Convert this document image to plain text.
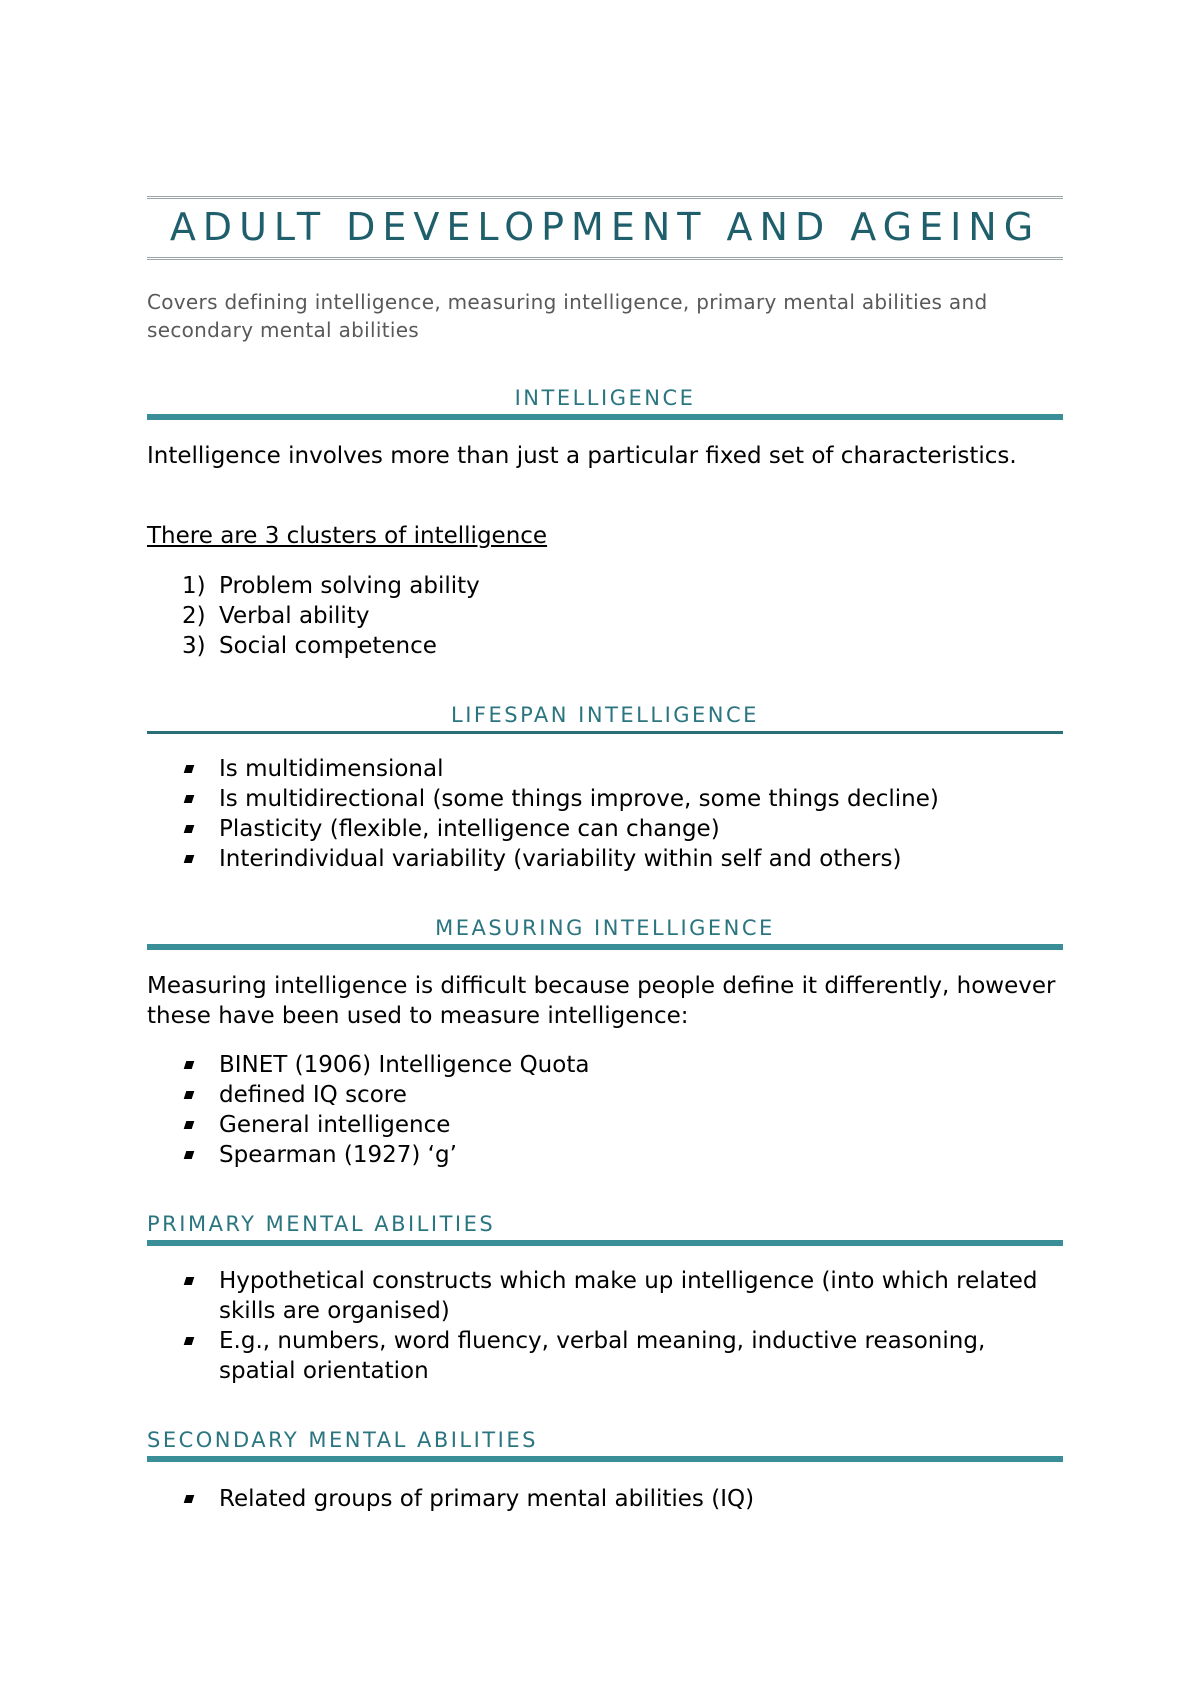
ADULT DEVELOPMENT AND AGEING
Covers defining intelligence, measuring intelligence, primary mental abilities and secondary mental abilities
INTELLIGENCE
Intelligence involves more than just a particular fixed set of characteristics.
There are 3 clusters of intelligence
1) Problem solving ability
2) Verbal ability
3) Social competence
LIFESPAN INTELLIGENCE
Is multidimensional
Is multidirectional (some things improve, some things decline)
Plasticity (flexible, intelligence can change)
Interindividual variability (variability within self and others)
MEASURING INTELLIGENCE
Measuring intelligence is difficult because people define it differently, however these have been used to measure intelligence:
BINET (1906) Intelligence Quota
defined IQ score
General intelligence
Spearman (1927) ‘g’
PRIMARY MENTAL ABILITIES
Hypothetical constructs which make up intelligence (into which related skills are organised)
E.g., numbers, word fluency, verbal meaning, inductive reasoning, spatial orientation
SECONDARY MENTAL ABILITIES
Related groups of primary mental abilities (IQ)
